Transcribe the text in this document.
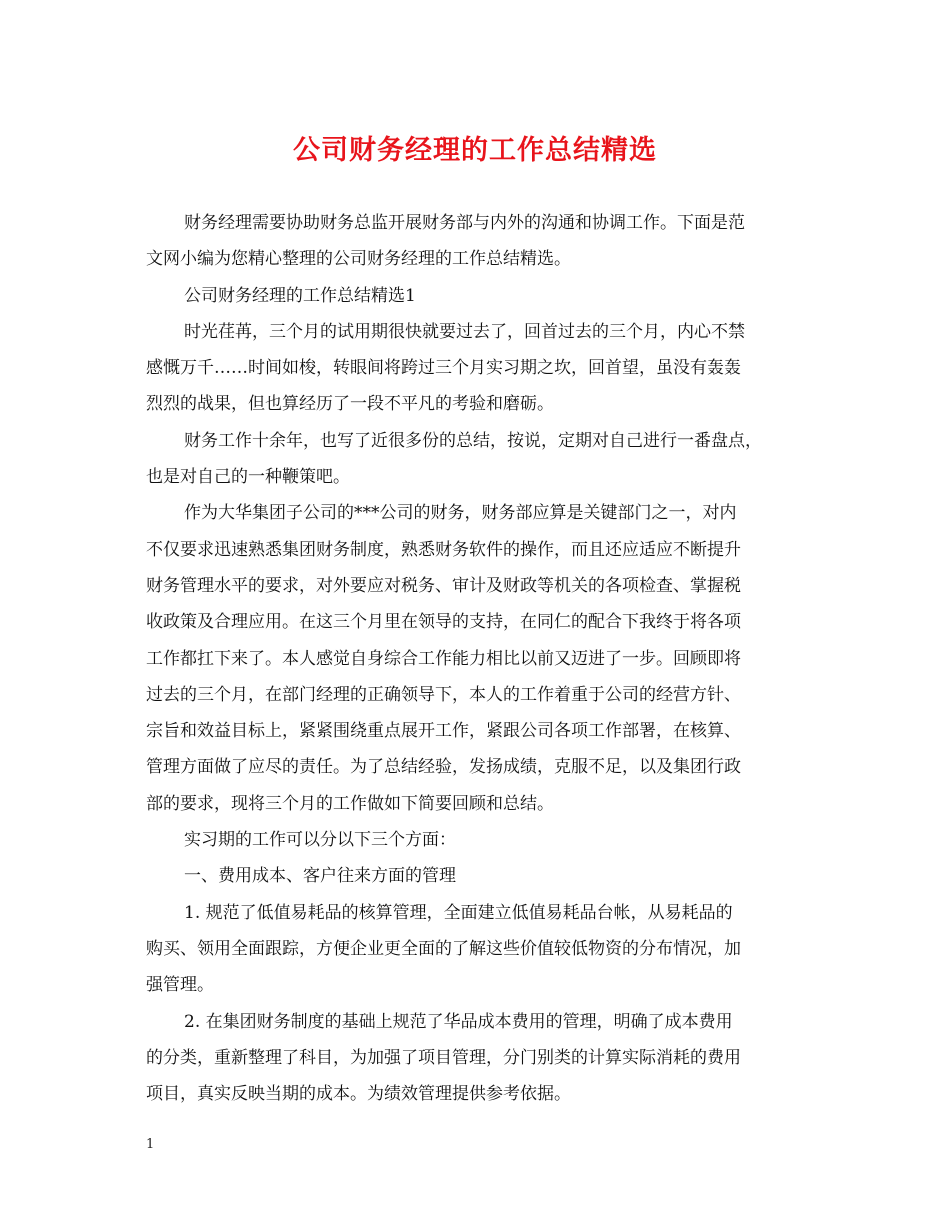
公司财务经理的工作总结精选

财务经理需要协助财务总监开展财务部与内外的沟通和协调工作。下面是范
文网小编为您精心整理的公司财务经理的工作总结精选。

公司财务经理的工作总结精选1

时光荏苒，三个月的试用期很快就要过去了，回首过去的三个月，内心不禁
感慨万千……时间如梭，转眼间将跨过三个月实习期之坎，回首望，虽没有轰轰
烈烈的战果，但也算经历了一段不平凡的考验和磨砺。

财务工作十余年，也写了近很多份的总结，按说，定期对自己进行一番盘点，
也是对自己的一种鞭策吧。

作为大华集团子公司的***公司的财务，财务部应算是关键部门之一，对内
不仅要求迅速熟悉集团财务制度，熟悉财务软件的操作，而且还应适应不断提升
财务管理水平的要求，对外要应对税务、审计及财政等机关的各项检查、掌握税
收政策及合理应用。在这三个月里在领导的支持，在同仁的配合下我终于将各项
工作都扛下来了。本人感觉自身综合工作能力相比以前又迈进了一步。回顾即将
过去的三个月，在部门经理的正确领导下，本人的工作着重于公司的经营方针、
宗旨和效益目标上，紧紧围绕重点展开工作，紧跟公司各项工作部署，在核算、
管理方面做了应尽的责任。为了总结经验，发扬成绩，克服不足，以及集团行政
部的要求，现将三个月的工作做如下简要回顾和总结。

实习期的工作可以分以下三个方面：

一、费用成本、客户往来方面的管理

1. 规范了低值易耗品的核算管理，全面建立低值易耗品台帐，从易耗品的
购买、领用全面跟踪，方便企业更全面的了解这些价值较低物资的分布情况，加
强管理。

2. 在集团财务制度的基础上规范了华品成本费用的管理，明确了成本费用
的分类，重新整理了科目，为加强了项目管理，分门别类的计算实际消耗的费用
项目，真实反映当期的成本。为绩效管理提供参考依据。

1
